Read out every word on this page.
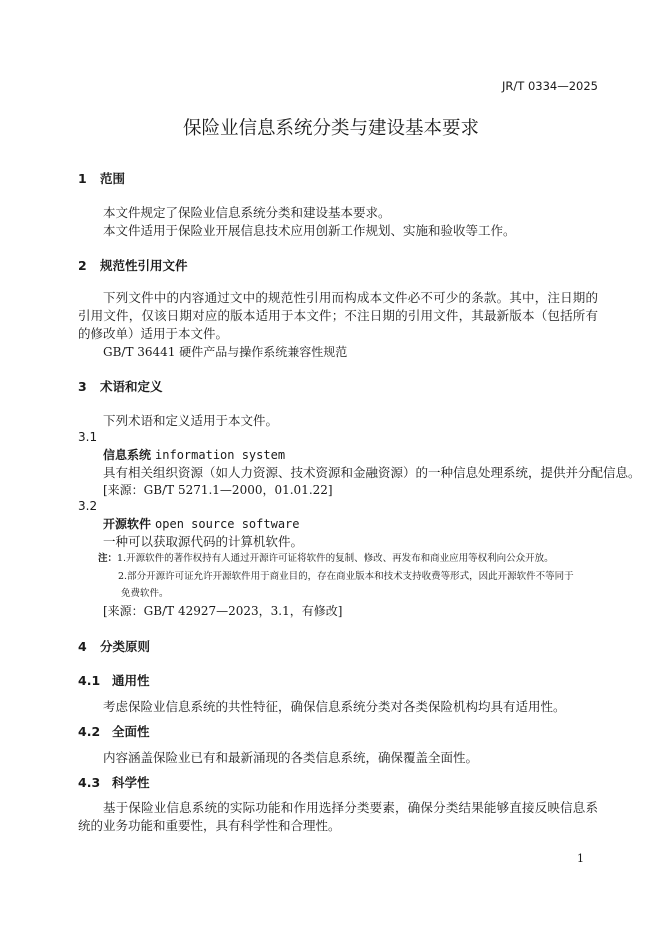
JR/T 0334—2025
保险业信息系统分类与建设基本要求
1 范围
本文件规定了保险业信息系统分类和建设基本要求。
本文件适用于保险业开展信息技术应用创新工作规划、实施和验收等工作。
2 规范性引用文件
下列文件中的内容通过文中的规范性引用而构成本文件必不可少的条款。其中，注日期的引用文件，仅该日期对应的版本适用于本文件；不注日期的引用文件，其最新版本（包括所有的修改单）适用于本文件。
GB/T 36441 硬件产品与操作系统兼容性规范
3 术语和定义
下列术语和定义适用于本文件。
3.1
信息系统 information system
具有相关组织资源（如人力资源、技术资源和金融资源）的一种信息处理系统，提供并分配信息。
[来源：GB/T 5271.1—2000，01.01.22]
3.2
开源软件 open source software
一种可以获取源代码的计算机软件。
注：1.开源软件的著作权持有人通过开源许可证将软件的复制、修改、再发布和商业应用等权利向公众开放。
2.部分开源许可证允许开源软件用于商业目的，存在商业版本和技术支持收费等形式，因此开源软件不等同于
免费软件。
[来源：GB/T 42927—2023，3.1，有修改]
4 分类原则
4.1 通用性
考虑保险业信息系统的共性特征，确保信息系统分类对各类保险机构均具有适用性。
4.2 全面性
内容涵盖保险业已有和最新涌现的各类信息系统，确保覆盖全面性。
4.3 科学性
基于保险业信息系统的实际功能和作用选择分类要素，确保分类结果能够直接反映信息系统的业务功能和重要性，具有科学性和合理性。
1
